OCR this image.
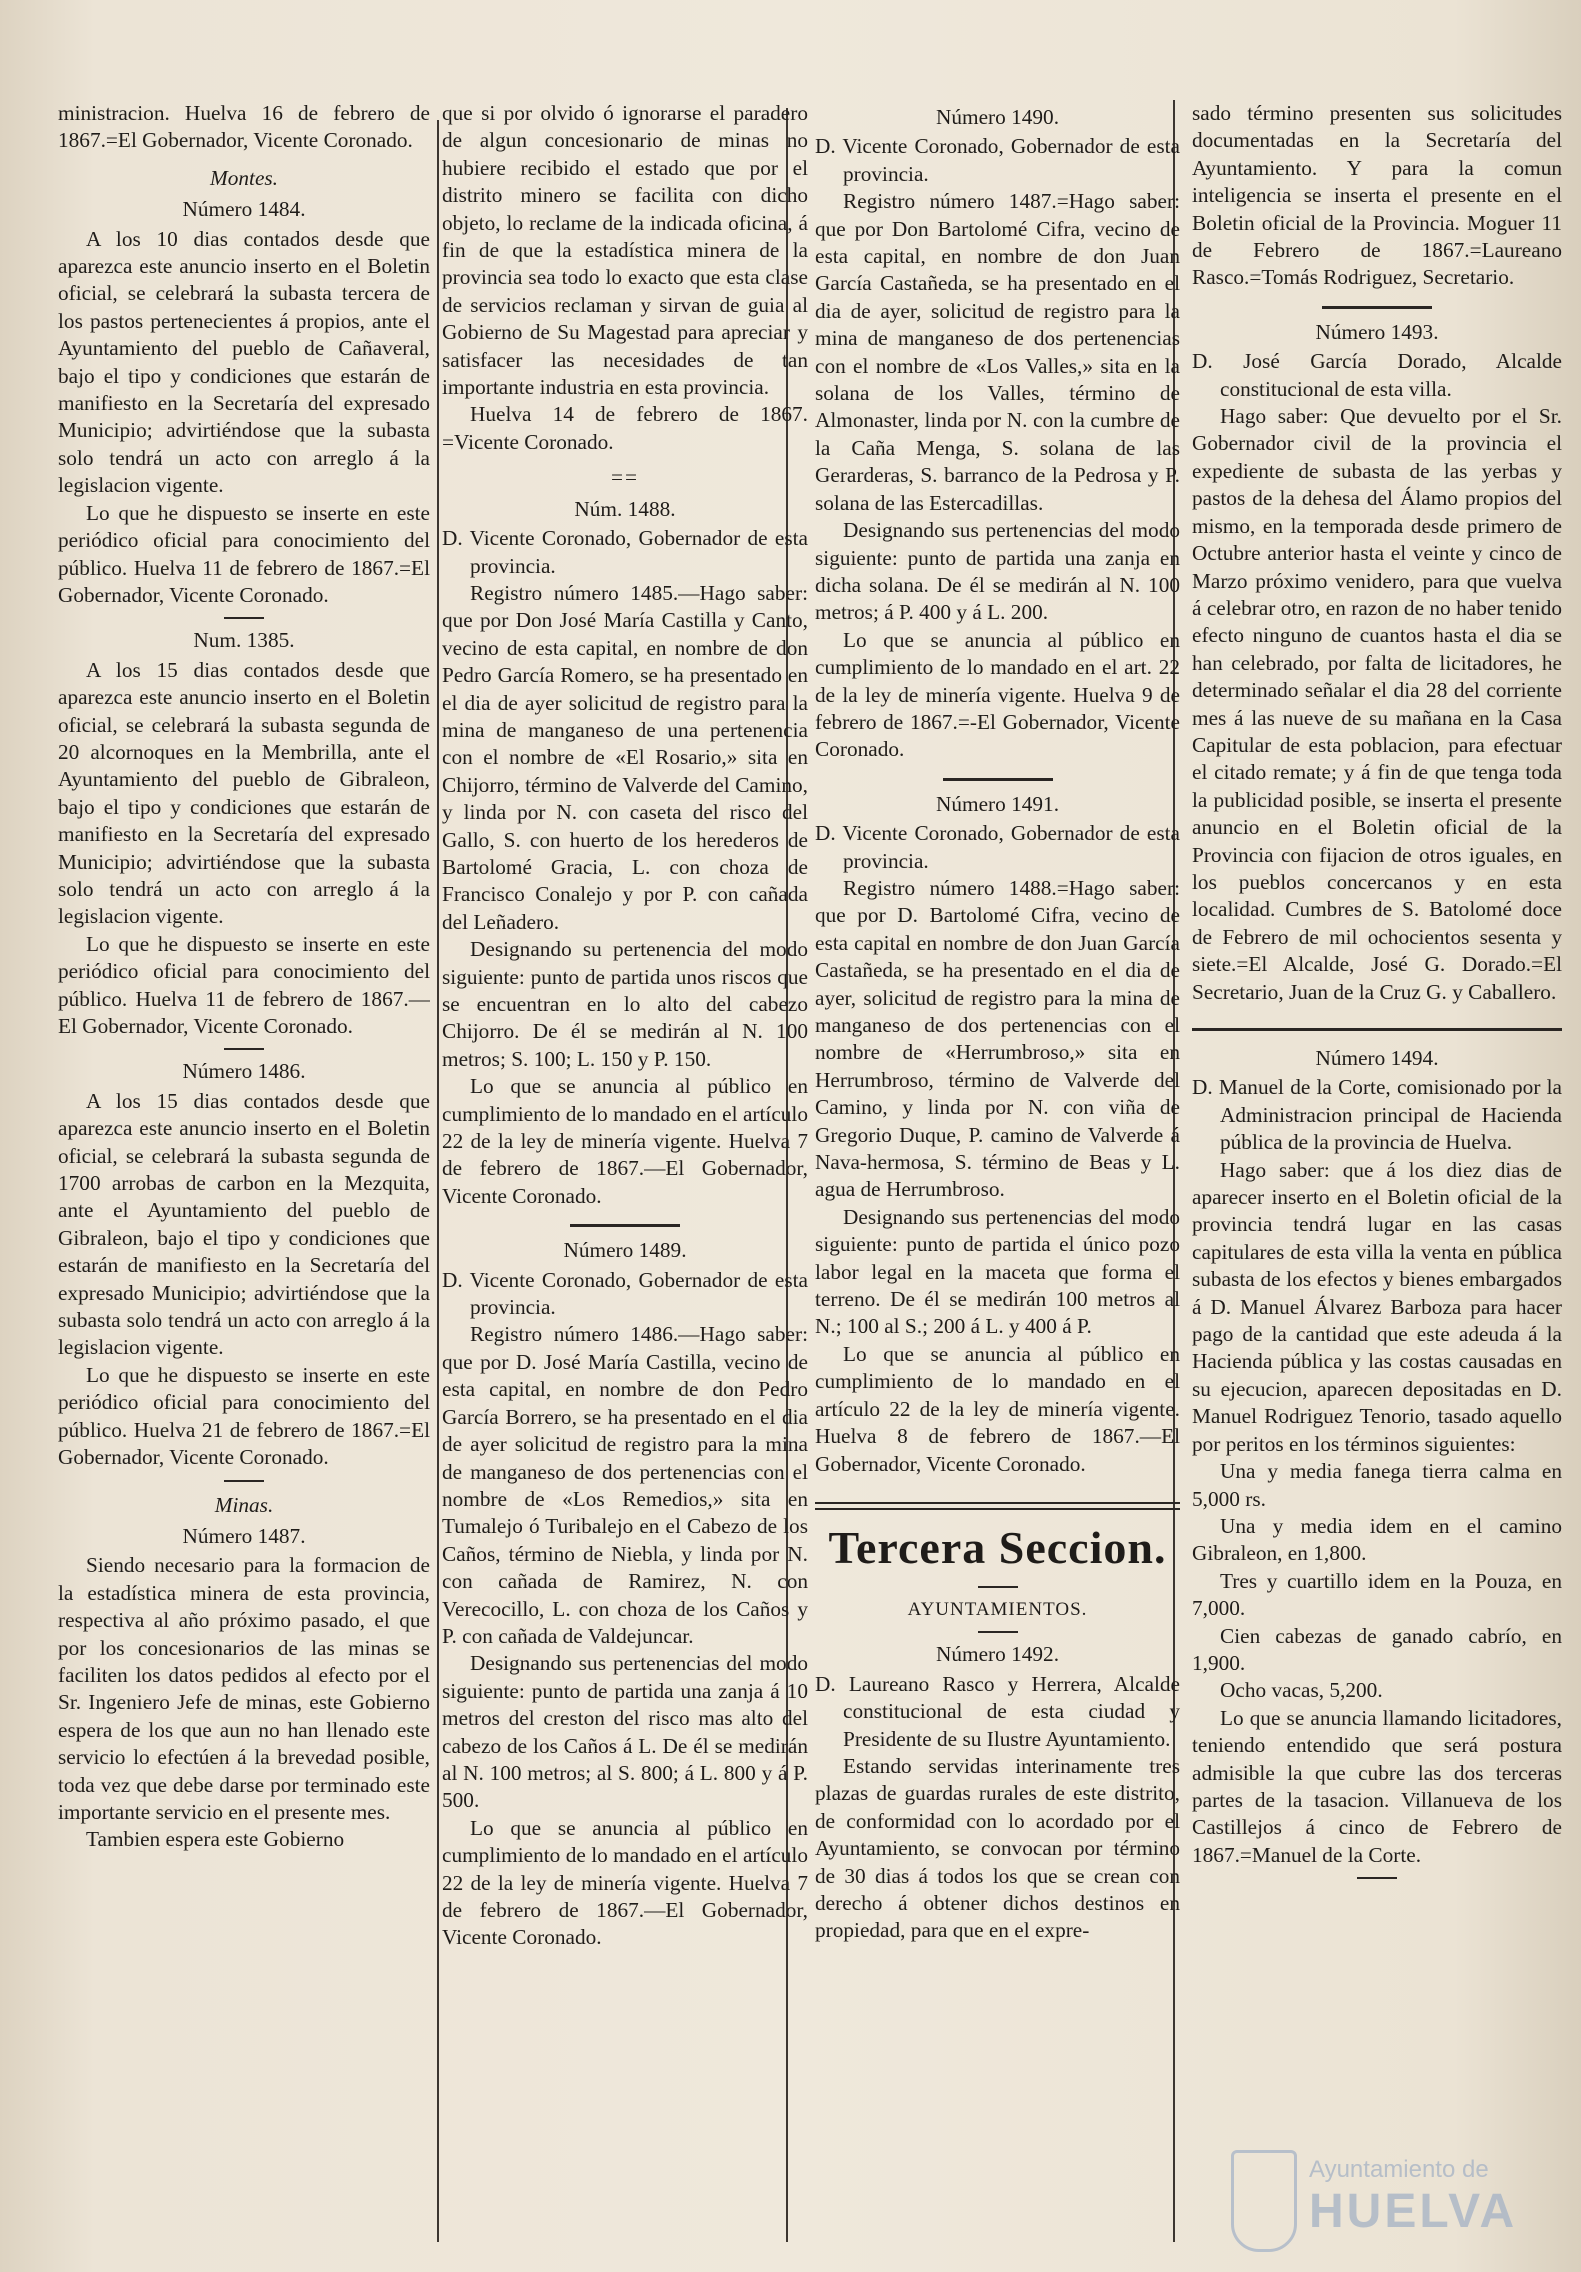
ministracion. Huelva 16 de febrero de 1867.=El Gobernador, Vicente Coronado.

Montes.
Número 1484.

A los 10 dias contados desde que aparezca este anuncio inserto en el Boletin oficial, se celebrará la subasta tercera de los pastos pertenecientes á propios, ante el Ayuntamiento del pueblo de Cañaveral, bajo el tipo y condiciones que estarán de manifiesto en la Secretaría del expresado Municipio; advirtiéndose que la subasta solo tendrá un acto con arreglo á la legislacion vigente.

Lo que he dispuesto se inserte en este periódico oficial para conocimiento del público. Huelva 11 de febrero de 1867.=El Gobernador, Vicente Coronado.

Num. 1385.

A los 15 dias contados desde que aparezca este anuncio inserto en el Boletin oficial, se celebrará la subasta segunda de 20 alcornoques en la Membrilla, ante el Ayuntamiento del pueblo de Gibraleon, bajo el tipo y condiciones que estarán de manifiesto en la Secretaría del expresado Municipio; advirtiéndose que la subasta solo tendrá un acto con arreglo á la legislacion vigente.

Lo que he dispuesto se inserte en este periódico oficial para conocimiento del público. Huelva 11 de febrero de 1867.—El Gobernador, Vicente Coronado.

Número 1486.

A los 15 dias contados desde que aparezca este anuncio inserto en el Boletin oficial, se celebrará la subasta segunda de 1700 arrobas de carbon en la Mezquita, ante el Ayuntamiento del pueblo de Gibraleon, bajo el tipo y condiciones que estarán de manifiesto en la Secretaría del expresado Municipio; advirtiéndose que la subasta solo tendrá un acto con arreglo á la legislacion vigente.

Lo que he dispuesto se inserte en este periódico oficial para conocimiento del público. Huelva 21 de febrero de 1867.=El Gobernador, Vicente Coronado.

Minas.
Número 1487.

Siendo necesario para la formacion de la estadística minera de esta provincia, respectiva al año próximo pasado, el que por los concesionarios de las minas se faciliten los datos pedidos al efecto por el Sr. Ingeniero Jefe de minas, este Gobierno espera de los que aun no han llenado este servicio lo efectúen á la brevedad posible, toda vez que debe darse por terminado este importante servicio en el presente mes.

Tambien espera este Gobierno

que si por olvido ó ignorarse el paradero de algun concesionario de minas no hubiere recibido el estado que por el distrito minero se facilita con dicho objeto, lo reclame de la indicada oficina, á fin de que la estadística minera de la provincia sea todo lo exacto que esta clase de servicios reclaman y sirvan de guia al Gobierno de Su Magestad para apreciar y satisfacer las necesidades de tan importante industria en esta provincia.

Huelva 14 de febrero de 1867. =Vicente Coronado.

==
Núm. 1488.

D. Vicente Coronado, Gobernador de esta provincia.

Registro número 1485.—Hago saber: que por Don José María Castilla y Canto, vecino de esta capital, en nombre de don Pedro García Romero, se ha presentado en el dia de ayer solicitud de registro para la mina de manganeso de una pertenencia con el nombre de «El Rosario,» sita en Chijorro, término de Valverde del Camino, y linda por N. con caseta del risco del Gallo, S. con huerto de los herederos de Bartolomé Gracia, L. con choza de Francisco Conalejo y por P. con cañada del Leñadero.

Designando su pertenencia del modo siguiente: punto de partida unos riscos que se encuentran en lo alto del cabezo Chijorro. De él se medirán al N. 100 metros; S. 100; L. 150 y P. 150.

Lo que se anuncia al público en cumplimiento de lo mandado en el artículo 22 de la ley de minería vigente. Huelva 7 de febrero de 1867.—El Gobernador, Vicente Coronado.

Número 1489.

D. Vicente Coronado, Gobernador de esta provincia.

Registro número 1486.—Hago saber: que por D. José María Castilla, vecino de esta capital, en nombre de don Pedro García Borrero, se ha presentado en el dia de ayer solicitud de registro para la mina de manganeso de dos pertenencias con el nombre de «Los Remedios,» sita en Tumalejo ó Turibalejo en el Cabezo de los Caños, término de Niebla, y linda por N. con cañada de Ramirez, N. con Verecocillo, L. con choza de los Caños y P. con cañada de Valdejuncar.

Designando sus pertenencias del modo siguiente: punto de partida una zanja á 10 metros del creston del risco mas alto del cabezo de los Caños á L. De él se medirán al N. 100 metros; al S. 800; á L. 800 y á P. 500.

Lo que se anuncia al público en cumplimiento de lo mandado en el artículo 22 de la ley de minería vigente. Huelva 7 de febrero de 1867.—El Gobernador, Vicente Coronado.

Número 1490.

D. Vicente Coronado, Gobernador de esta provincia.

Registro número 1487.=Hago saber: que por Don Bartolomé Cifra, vecino de esta capital, en nombre de don Juan García Castañeda, se ha presentado en el dia de ayer, solicitud de registro para la mina de manganeso de dos pertenencias con el nombre de «Los Valles,» sita en la solana de los Valles, término de Almonaster, linda por N. con la cumbre de la Caña Menga, S. solana de las Gerarderas, S. barranco de la Pedrosa y P. solana de las Estercadillas.

Designando sus pertenencias del modo siguiente: punto de partida una zanja en dicha solana. De él se medirán al N. 100 metros; á P. 400 y á L. 200.

Lo que se anuncia al público en cumplimiento de lo mandado en el art. 22 de la ley de minería vigente. Huelva 9 de febrero de 1867.=-El Gobernador, Vicente Coronado.

Número 1491.

D. Vicente Coronado, Gobernador de esta provincia.

Registro número 1488.=Hago saber: que por D. Bartolomé Cifra, vecino de esta capital en nombre de don Juan García Castañeda, se ha presentado en el dia de ayer, solicitud de registro para la mina de manganeso de dos pertenencias con el nombre de «Herrumbroso,» sita en Herrumbroso, término de Valverde del Camino, y linda por N. con viña de Gregorio Duque, P. camino de Valverde á Nava-hermosa, S. término de Beas y L. agua de Herrumbroso.

Designando sus pertenencias del modo siguiente: punto de partida el único pozo labor legal en la maceta que forma el terreno. De él se medirán 100 metros al N.; 100 al S.; 200 á L. y 400 á P.

Lo que se anuncia al público en cumplimiento de lo mandado en el artículo 22 de la ley de minería vigente. Huelva 8 de febrero de 1867.—El Gobernador, Vicente Coronado.

Tercera Seccion.
AYUNTAMIENTOS.
Número 1492.

D. Laureano Rasco y Herrera, Alcalde constitucional de esta ciudad y Presidente de su Ilustre Ayuntamiento.

Estando servidas interinamente tres plazas de guardas rurales de este distrito, de conformidad con lo acordado por el Ayuntamiento, se convocan por término de 30 dias á todos los que se crean con derecho á obtener dichos destinos en propiedad, para que en el expre-

sado término presenten sus solicitudes documentadas en la Secretaría del Ayuntamiento. Y para la comun inteligencia se inserta el presente en el Boletin oficial de la Provincia. Moguer 11 de Febrero de 1867.=Laureano Rasco.=Tomás Rodriguez, Secretario.

Número 1493.

D. José García Dorado, Alcalde constitucional de esta villa.

Hago saber: Que devuelto por el Sr. Gobernador civil de la provincia el expediente de subasta de las yerbas y pastos de la dehesa del Álamo propios del mismo, en la temporada desde primero de Octubre anterior hasta el veinte y cinco de Marzo próximo venidero, para que vuelva á celebrar otro, en razon de no haber tenido efecto ninguno de cuantos hasta el dia se han celebrado, por falta de licitadores, he determinado señalar el dia 28 del corriente mes á las nueve de su mañana en la Casa Capitular de esta poblacion, para efectuar el citado remate; y á fin de que tenga toda la publicidad posible, se inserta el presente anuncio en el Boletin oficial de la Provincia con fijacion de otros iguales, en los pueblos concercanos y en esta localidad. Cumbres de S. Batolomé doce de Febrero de mil ochocientos sesenta y siete.=El Alcalde, José G. Dorado.=El Secretario, Juan de la Cruz G. y Caballero.

Número 1494.

D. Manuel de la Corte, comisionado por la Administracion principal de Hacienda pública de la provincia de Huelva.

Hago saber: que á los diez dias de aparecer inserto en el Boletin oficial de la provincia tendrá lugar en las casas capitulares de esta villa la venta en pública subasta de los efectos y bienes embargados á D. Manuel Álvarez Barboza para hacer pago de la cantidad que este adeuda á la Hacienda pública y las costas causadas en su ejecucion, aparecen depositadas en D. Manuel Rodriguez Tenorio, tasado aquello por peritos en los términos siguientes:

Una y media fanega tierra calma en 5,000 rs.

Una y media idem en el camino Gibraleon, en 1,800.

Tres y cuartillo idem en la Pouza, en 7,000.

Cien cabezas de ganado cabrío, en 1,900.

Ocho vacas, 5,200.

Lo que se anuncia llamando licitadores, teniendo entendido que será postura admisible la que cubre las dos terceras partes de la tasacion. Villanueva de los Castillejos á cinco de Febrero de 1867.=Manuel de la Corte.

Ayuntamiento de
HUELVA
